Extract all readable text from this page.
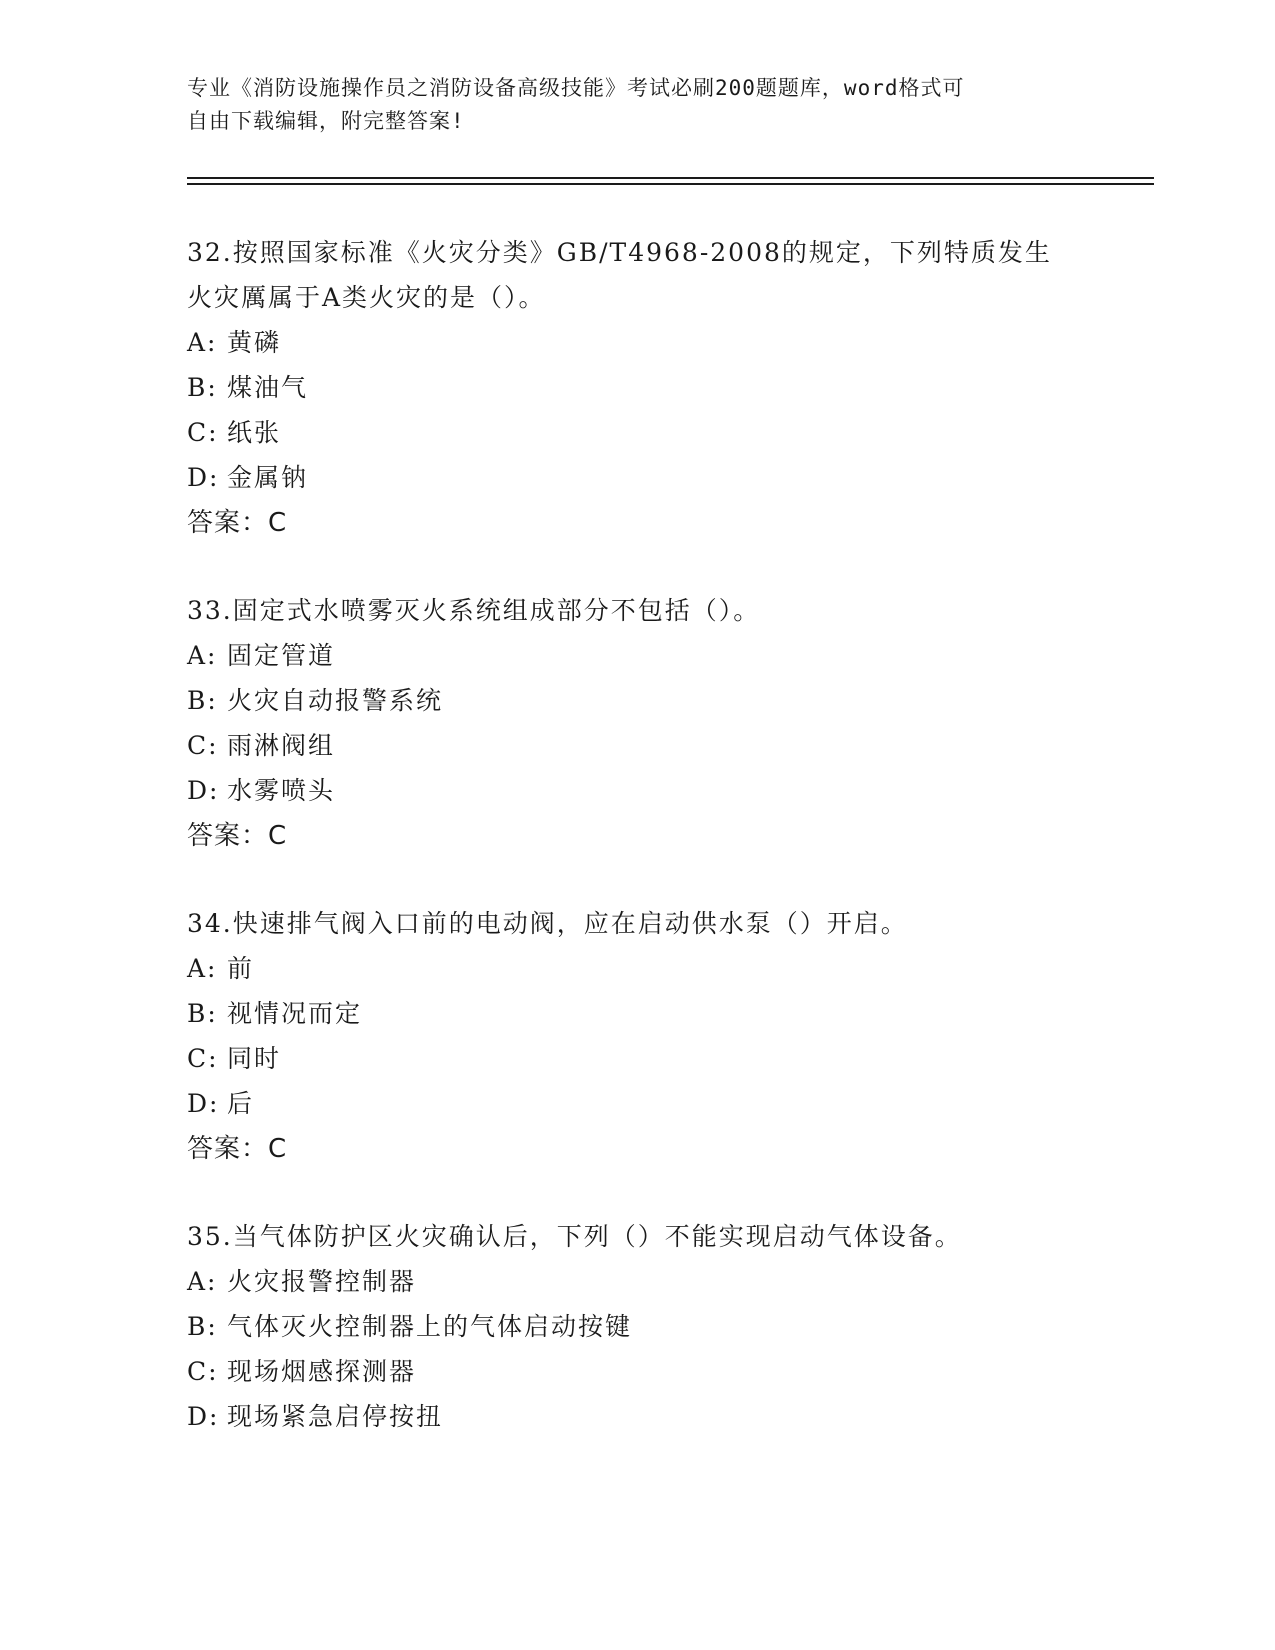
专业《消防设施操作员之消防设备高级技能》考试必刷200题题库，word格式可
自由下载编辑，附完整答案!
32.按照国家标准《火灾分类》GB/T4968-2008的规定，下列特质发生
火灾厲属于A类火灾的是（）。
A: 黄磷
B: 煤油气
C: 纸张
D: 金属钠
答案：C
33.固定式水喷雾灭火系统组成部分不包括（）。
A: 固定管道
B: 火灾自动报警系统
C: 雨淋阀组
D: 水雾喷头
答案：C
34.快速排气阀入口前的电动阀，应在启动供水泵（）开启。
A: 前
B: 视情况而定
C: 同时
D: 后
答案：C
35.当气体防护区火灾确认后，下列（）不能实现启动气体设备。
A: 火灾报警控制器
B: 气体灭火控制器上的气体启动按键
C: 现场烟感探测器
D: 现场紧急启停按扭
